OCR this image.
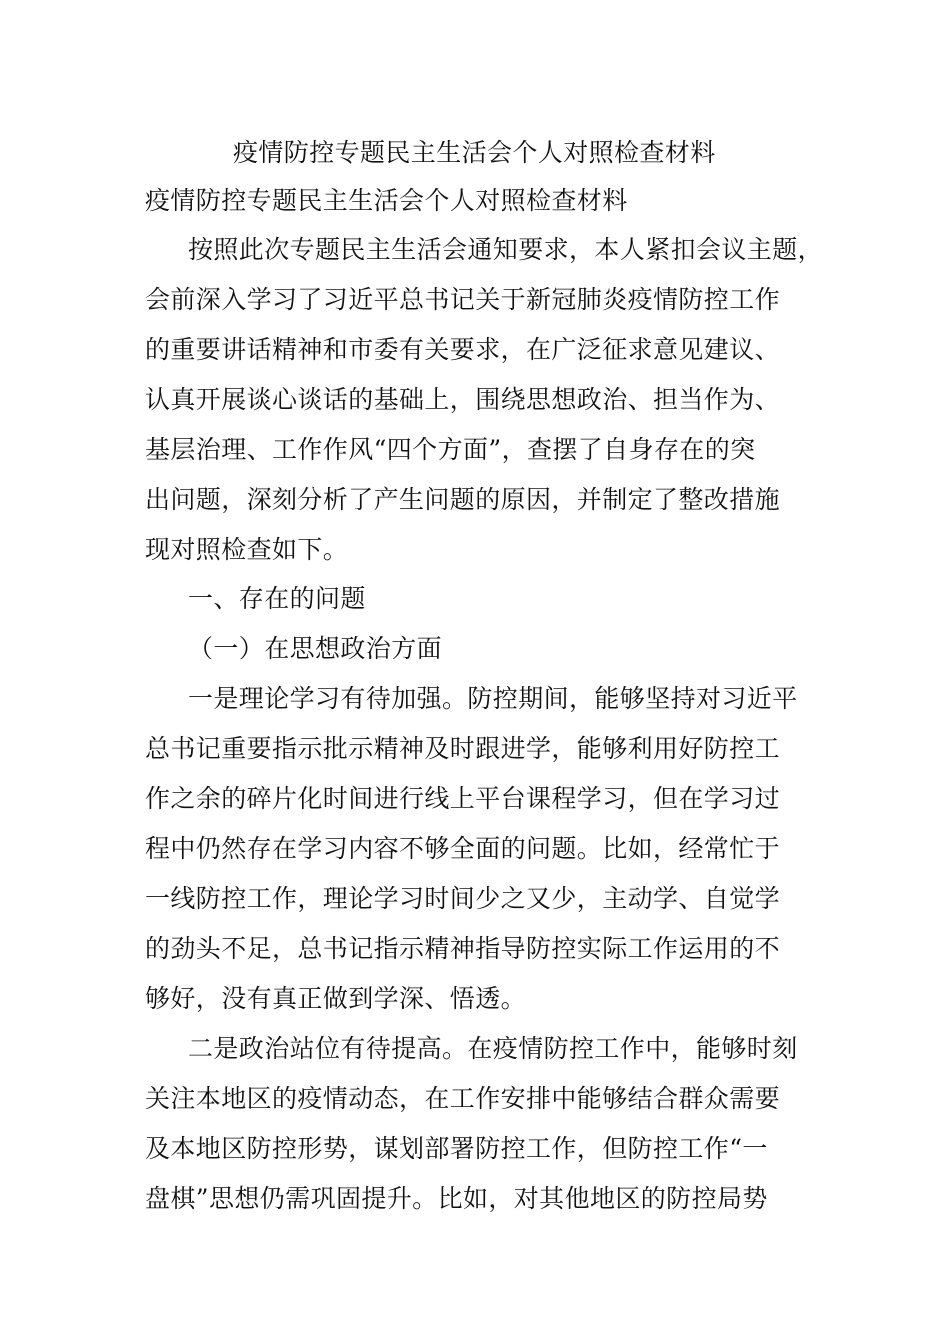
疫情防控专题民主生活会个人对照检查材料
疫情防控专题民主生活会个人对照检查材料
按照此次专题民主生活会通知要求，本人紧扣会议主题，
会前深入学习了习近平总书记关于新冠肺炎疫情防控工作
的重要讲话精神和市委有关要求，在广泛征求意见建议、
认真开展谈心谈话的基础上，围绕思想政治、担当作为、
基层治理、工作作风“四个方面”，查摆了自身存在的突
出问题，深刻分析了产生问题的原因，并制定了整改措施
现对照检查如下。
一、存在的问题
（一）在思想政治方面
一是理论学习有待加强。防控期间，能够坚持对习近平
总书记重要指示批示精神及时跟进学，能够利用好防控工
作之余的碎片化时间进行线上平台课程学习，但在学习过
程中仍然存在学习内容不够全面的问题。比如，经常忙于
一线防控工作，理论学习时间少之又少，主动学、自觉学
的劲头不足，总书记指示精神指导防控实际工作运用的不
够好，没有真正做到学深、悟透。
二是政治站位有待提高。在疫情防控工作中，能够时刻
关注本地区的疫情动态，在工作安排中能够结合群众需要
及本地区防控形势，谋划部署防控工作，但防控工作“一
盘棋”思想仍需巩固提升。比如，对其他地区的防控局势
